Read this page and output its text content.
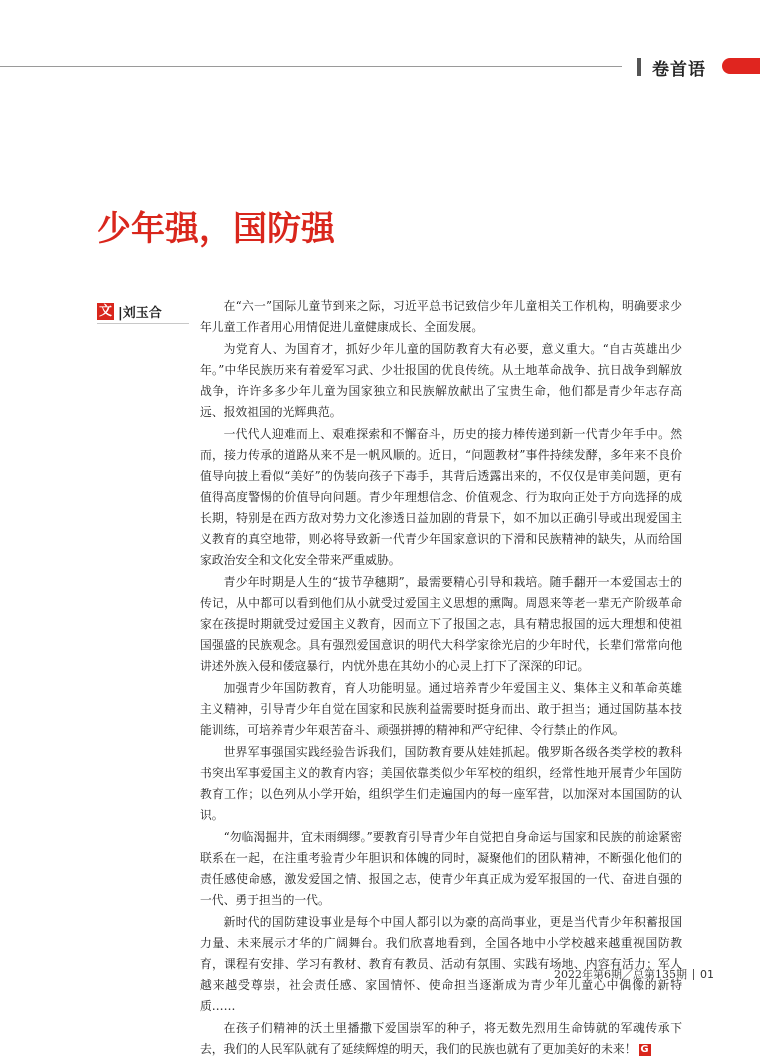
卷首语
少年强，国防强
文 |刘玉合	在“六一”国际儿童节到来之际，习近平总书记致信少年儿童相关工作机构，明确要求少年儿童工作者用心用情促进儿童健康成长、全面发展。

为党育人、为国育才，抓好少年儿童的国防教育大有必要，意义重大。“自古英雄出少年。”中华民族历来有着爱军习武、少壮报国的优良传统。从土地革命战争、抗日战争到解放战争，许许多多少年儿童为国家独立和民族解放献出了宝贵生命，他们都是青少年志存高远、报效祖国的光辉典范。

一代代人迎难而上、艰难探索和不懈奋斗，历史的接力棒传递到新一代青少年手中。然而，接力传承的道路从来不是一帆风顺的。近日，“问题教材”事件持续发酵，多年来不良价值导向披上看似“美好”的伪装向孩子下毒手，其背后透露出来的，不仅仅是审美问题，更有值得高度警惕的价值导向问题。青少年理想信念、价值观念、行为取向正处于方向选择的成长期，特别是在西方敌对势力文化渗透日益加剧的背景下，如不加以正确引导或出现爱国主义教育的真空地带，则必将导致新一代青少年国家意识的下滑和民族精神的缺失，从而给国家政治安全和文化安全带来严重威胁。

青少年时期是人生的“拔节孕穗期”，最需要精心引导和栽培。随手翻开一本爱国志士的传记，从中都可以看到他们从小就受过爱国主义思想的熏陶。周恩来等老一辈无产阶级革命家在孩提时期就受过爱国主义教育，因而立下了报国之志，具有精忠报国的远大理想和使祖国强盛的民族观念。具有强烈爱国意识的明代大科学家徐光启的少年时代，长辈们常常向他讲述外族入侵和倭寇暴行，内忧外患在其幼小的心灵上打下了深深的印记。

加强青少年国防教育，育人功能明显。通过培养青少年爱国主义、集体主义和革命英雄主义精神，引导青少年自觉在国家和民族利益需要时挺身而出、敢于担当；通过国防基本技能训练，可培养青少年艰苦奋斗、顽强拼搏的精神和严守纪律、令行禁止的作风。

世界军事强国实践经验告诉我们，国防教育要从娃娃抓起。俄罗斯各级各类学校的教科书突出军事爱国主义的教育内容；美国依靠类似少年军校的组织，经常性地开展青少年国防教育工作；以色列从小学开始，组织学生们走遍国内的每一座军营，以加深对本国国防的认识。

“勿临渴掘井，宜未雨绸缪。”要教育引导青少年自觉把自身命运与国家和民族的前途紧密联系在一起，在注重考验青少年胆识和体魄的同时，凝聚他们的团队精神，不断强化他们的责任感使命感，激发爱国之情、报国之志，使青少年真正成为爱军报国的一代、奋进自强的一代、勇于担当的一代。

新时代的国防建设事业是每个中国人都引以为豪的高尚事业，更是当代青少年积蓄报国力量、未来展示才华的广阔舞台。我们欣喜地看到，全国各地中小学校越来越重视国防教育，课程有安排、学习有教材、教育有教员、活动有氛围、实践有场地、内容有活力；军人越来越受尊崇，社会责任感、家国情怀、使命担当逐渐成为青少年儿童心中偶像的新特质……

在孩子们精神的沃土里播撒下爱国崇军的种子，将无数先烈用生命铸就的军魂传承下去，我们的人民军队就有了延续辉煌的明天，我们的民族也就有了更加美好的未来！ G

2022年第6期／总第135期 01
